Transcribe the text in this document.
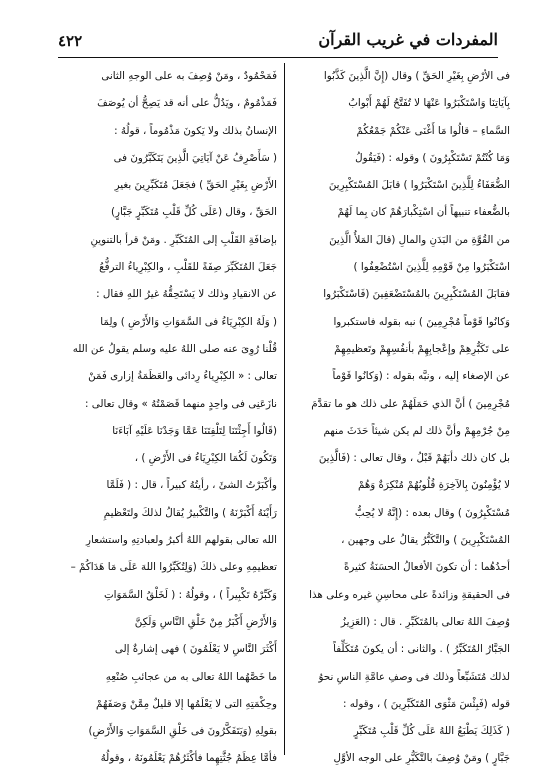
٤٢٢	المفردات في غريب القرآن
فى الأرْضِ بِغَيْرِ الحَقِّ ) وقال (إِنَّ الَّذِينَ كَذَّبُوا
بِآيَاتِنَا وَاسْتَكْبَرُوا عَنْهَا لا تُفَتَّحُ لَهُمْ أَبْوابُ
السَّماءِ – قالُوا مَا أَغْنَى عَنْكُمْ جَمْعُكُمْ
وَمَا كُنْتُمْ تَسْتَكْبِرُونَ ) وقوله : (فَيَقُولُ
الضُّعَفَاءُ لِلَّذِينَ اسْتَكْبَرُوا ) قابَلَ المُسْتَكْبِرِينَ
بالضُّعفاء تنبيهاً أن اسْتِكْبارَهُمْ كان بِما لَهُمْ
من القُوَّةِ من البَدَنِ والمالِ (قالَ المَلأُ الَّذِينَ
اسْتَكْبَرُوا مِنْ قَوْمِهِ لِلَّذِينَ اسْتُضْعِفُوا )
فقابَلَ المُسْتَكْبِرِينَ بالمُسْتَضْعَفِينَ (فَاسْتَكْبَرُوا
وَكانُوا قَوْماً مُجْرِمِينَ ) نبه بقوله فاستكبروا
على تَكَبُّرِهِمْ وإعْجابِهِمْ بأنفُسِهِمْ وتَعظيمِهِمْ
عن الإصغاء إليه ، ونبَّه بقوله : (وَكانُوا قَوْماً
مُجْرِمِينَ ) أنَّ الذي حَمَلَهُمْ على ذلك هو ما تقدَّمَ
مِنْ جُرْمِهِمْ وأنَّ ذلك لم يكن شيئاً حَدَثَ منهم
بل كان ذلك دأبَهُمْ قَبْلُ ، وقال تعالى : (فَالَّذِينَ
لا يُؤْمِنُونَ بِالآخِرَةِ قُلُوبُهُمْ مُنْكِرَةٌ وَهُمْ
مُسْتَكْبِرُونَ ) وقال بعده : (إِنَّهُ لا يُحِبُّ
المُسْتَكْبِرِينَ ) والتَّكَبُّرُ يقالُ على وجهين ،
أحدُهُما : أن تكونَ الأفعالُ الحسَنَةُ كثيرةً
فى الحقيقةِ وزائدةً على محاسِنِ غيره وعلى هذا
وُصِفَ اللهُ تعالى بالمُتَكَبِّرِ . قال : (العَزِيزُ
الجَبَّارُ المُتَكَبِّرُ ) . والثانى : أن يكونَ مُتَكَلِّفاً
لذلك مُتَشَبِّعاً وذلك فى وصفِ عامَّةِ الناسِ نحوُ
قوله (فَبِئْسَ مَثْوَى المُتَكَبِّرِينَ ) ، وقوله :
( كَذَلِكَ يَطْبَعُ اللهُ عَلَى كُلِّ قَلْبِ مُتَكَبِّرٍ
جَبَّارٍ ) ومَنْ وُصِفَ بالتَّكَبُّرِ على الوجه الأوَّلِ
فَمَحْمُودٌ ، ومَنْ وُصِفَ به على الوجهِ الثانى
فَمَذْمُومٌ ، ويَدُلُّ على أنه قد يَصِحُّ أن يُوصَفَ
الإنسانُ بذلك ولا يَكونَ مَذْمُوماً ، قولُهُ :
( سَأَصْرِفُ عَنْ آيَاتِيَ الَّذِينَ يَتَكَبَّرُونَ فى
الأَرْضِ بِغَيْرِ الحَقِّ ) فجَعَلَ مُتَكَبِّرِينَ بغيرِ
الحَقِّ ، وقال (عَلَى كُلِّ قَلْبِ مُتَكَبِّرٍ جَبَّارٍ)
بإضافَةِ القَلْبِ إلى المُتَكَبِّرِ . ومَنْ قرأ بالتنوينِ
جَعَلَ المُتَكَبِّرَ صِفَةً للقَلْبِ ، والكِبْرِياءُ الترفُّعُ
عن الانقيادِ وذلك لا يَسْتَحِقُّهُ غيرُ اللهِ فقال :
( وَلَهُ الكِبْرِيَاءُ فى السَّمَوَاتِ وَالأَرْضِ ) ولِمَا
قُلْنا رُوِىَ عنه صلى اللهُ عليه وسلم يقولُ عن الله
تعالى : « الكِبْرِياءُ رِدائى والعَظَمَةُ إزارى فَمَنْ
نازَعَنِى فى واحِدٍ منهما قَصَمْتُهُ » وقال تعالى :
(قَالُوا أَجِئْتَنَا لِتَلْفِتَنَا عَمَّا وَجَدْنَا عَلَيْهِ آبَاءَنَا
وَتَكُونَ لَكُمَا الكِبْرِيَاءُ فى الأَرْضِ ) ،
وأكْبَرْتُ الشئَ ، رأيتُهُ كبيراً ، قال : ( فَلَمَّا
رَأَيْنَهُ أَكْبَرْنَهُ ) والتَّكْبيرُ يُقالُ لذلكَ ولتَعْظيمِ
الله تعالى بقولهم اللهُ أكبرُ ولعبادتِهِ واستشعارِ
تعظيمِهِ وعلى ذلكَ (وَلِتُكَبِّرُوا اللهَ عَلَى مَا هَدَاكُمْ –
وَكَبِّرْهُ تَكْبِيراً ) ، وقولُهُ : ( لَخَلْقُ السَّمَوَاتِ
وَالأَرْضِ أَكْبَرُ مِنْ خَلْقِ النَّاسِ وَلَكِنَّ
أَكْثَرَ النَّاسِ لا يَعْلَمُونَ ) فهى إشارةٌ إلى
ما خَصَّهُما اللهُ تعالى به من عجائبِ صُنْعِهِ
وحِكْمَتِهِ التى لا يَعْلَمُها إلا قليلٌ مِمَّنْ وَصَفَهُمْ
بقولِهِ (وَيَتَفَكَّرُونَ فى خَلْقِ السَّمَوَاتِ وَالأَرْضِ)
فأمَّا عِظَمُ جُثَّتِهِما فأكْثَرُهُمْ يَعْلَمُونَهُ ، وقولُهُ
